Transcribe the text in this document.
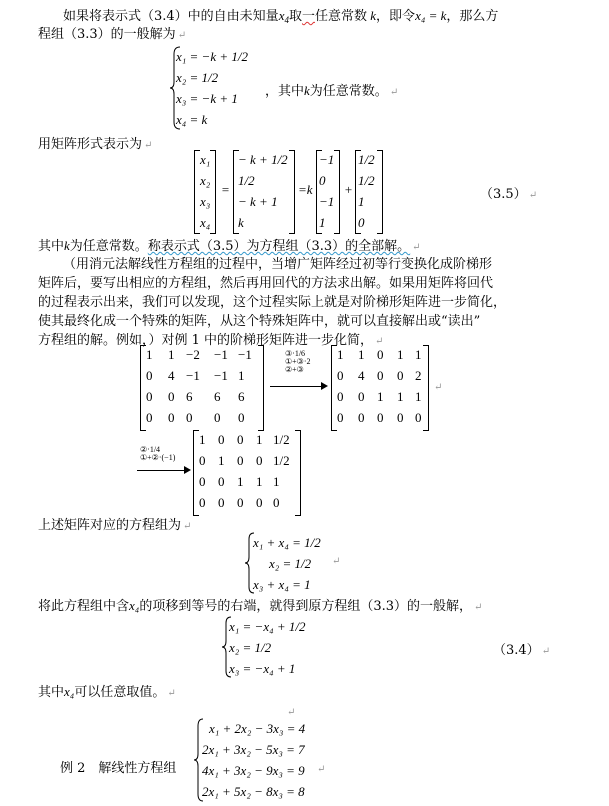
如果将表示式（3.4）中的自由未知量$x_4$取一任意常数 k，即令x₄ = k，那么方
程组（3.3）的一般解为 ↵
x₁ = −k + 1/2
x₂ = 1/2
x₃ = −k + 1
x₄ = k
，其中k为任意常数。 ↵
用矩阵形式表示为 ↵
x₁
x₂
x₃
x₄
=
− k + 1/2
1/2
− k + 1
k
=k
−1
0
−1
1
+
1/2
1/2
1
0
（3.5） ↵
其中k为任意常数。称表示式（3.5）为方程组（3.3）的全部解。 ↵
（用消元法解线性方程组的过程中，当增广矩阵经过初等行变换化成阶梯形
矩阵后，要写出相应的方程组，然后再用回代的方法求出解。如果用矩阵将回代
的过程表示出来，我们可以发现，这个过程实际上就是对阶梯形矩阵进一步简化，
使其最终化成一个特殊的矩阵，从这个特殊矩阵中，就可以直接解出或“读出”
方程组的解。例如，）对例 1 中的阶梯形矩阵进一步化简， ↵
1 1 −2 −1 −1
0 4 −1 −1 1
0 0 6 6 6
0 0 0 0 0
③·1/6
①+③·2
②+③
1 1 0 1 1
0 4 0 0 2
0 0 1 1 1
0 0 0 0 0
↵
②·1/4
①+②·(−1)
1 0 0 1 1/2
0 1 0 0 1/2
0 0 1 1 1
0 0 0 0 0
上述矩阵对应的方程组为 ↵
x₁ + x₄ = 1/2
x₂ = 1/2
x₃ + x₄ = 1
↵
将此方程组中含x₄的项移到等号的右端，就得到原方程组（3.3）的一般解， ↵
x₁ = −x₄ + 1/2
x₂ = 1/2
x₃ = −x₄ + 1
（3.4） ↵
其中x₄可以任意取值。 ↵
↵
例 2　解线性方程组
x₁ + 2x₂ − 3x₃ = 4
2x₁ + 3x₂ − 5x₃ = 7
4x₁ + 3x₂ − 9x₃ = 9
2x₁ + 5x₂ − 8x₃ = 8
↵
